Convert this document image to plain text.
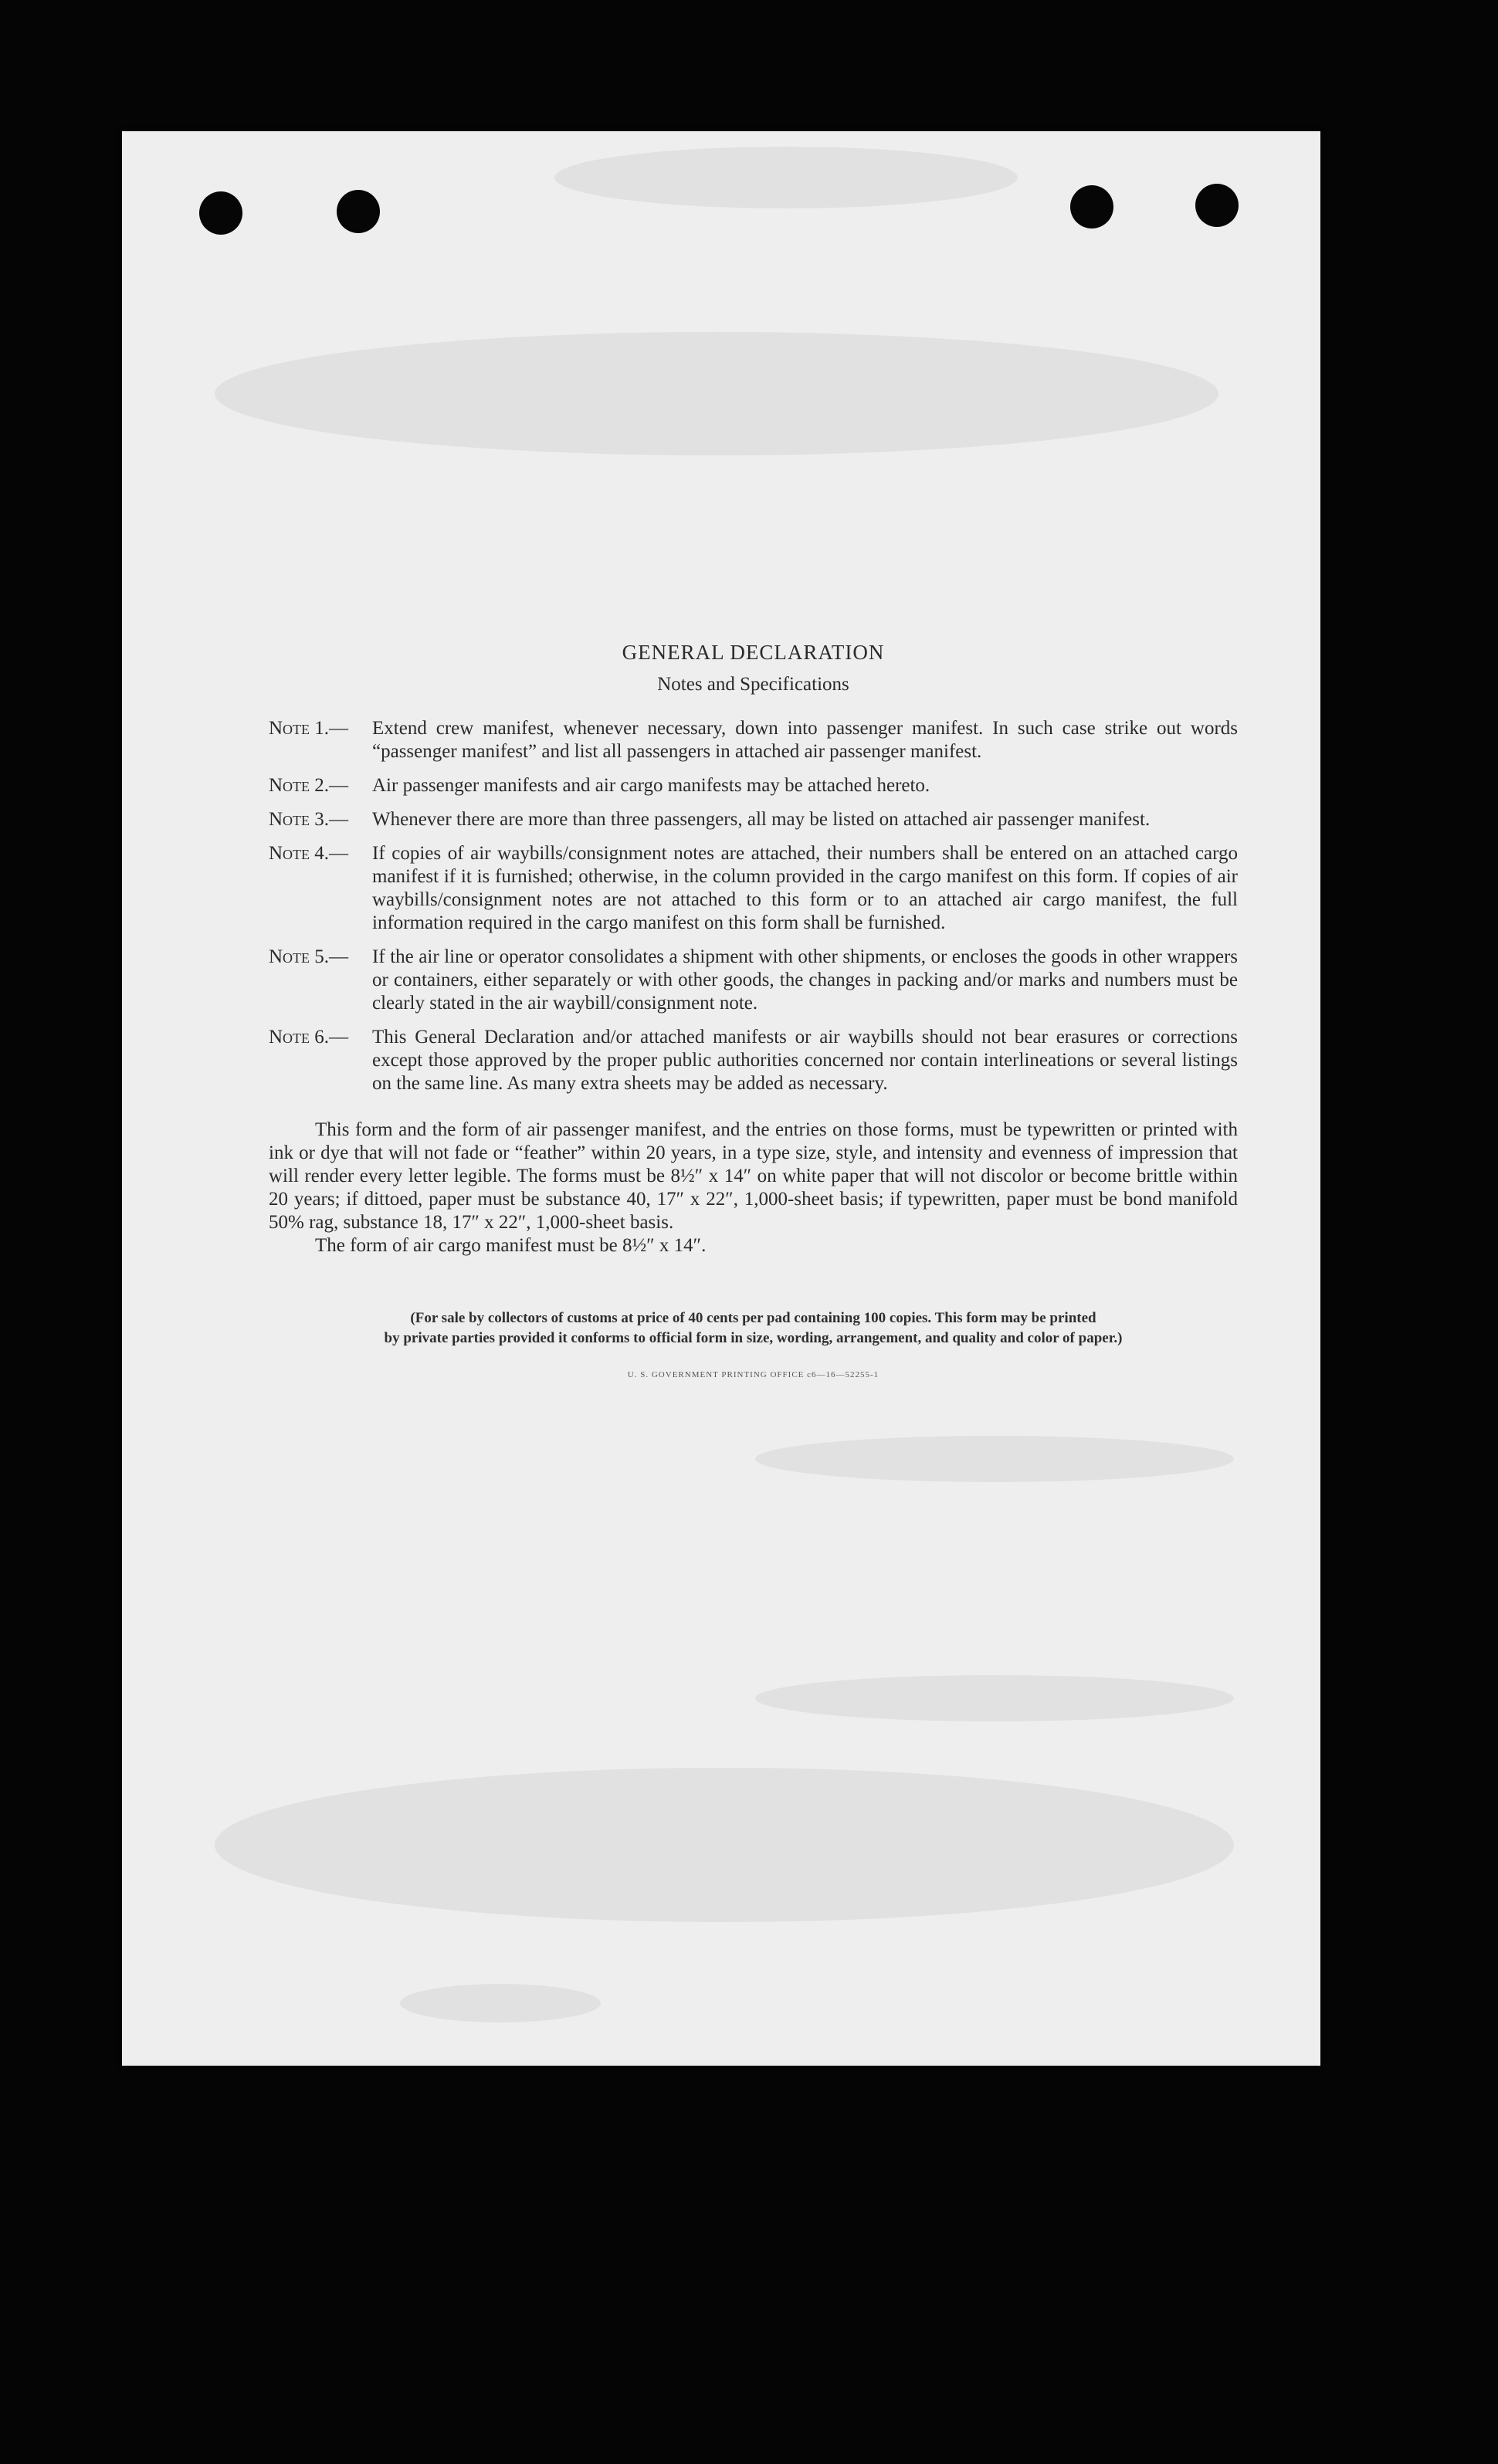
GENERAL DECLARATION
Notes and Specifications
Note 1.—	Extend crew manifest, whenever necessary, down into passenger manifest. In such case strike out words “passenger manifest” and list all passengers in attached air passenger manifest.
Note 2.—	Air passenger manifests and air cargo manifests may be attached hereto.
Note 3.—	Whenever there are more than three passengers, all may be listed on attached air passenger manifest.
Note 4.—	If copies of air waybills/consignment notes are attached, their numbers shall be entered on an attached cargo manifest if it is furnished; otherwise, in the column provided in the cargo manifest on this form. If copies of air waybills/consignment notes are not attached to this form or to an attached air cargo manifest, the full information required in the cargo manifest on this form shall be furnished.
Note 5.—	If the air line or operator consolidates a shipment with other shipments, or encloses the goods in other wrappers or containers, either separately or with other goods, the changes in packing and/or marks and numbers must be clearly stated in the air waybill/consignment note.
Note 6.—	This General Declaration and/or attached manifests or air waybills should not bear erasures or corrections except those approved by the proper public authorities concerned nor contain interlineations or several listings on the same line. As many extra sheets may be added as necessary.

This form and the form of air passenger manifest, and the entries on those forms, must be typewritten or printed with ink or dye that will not fade or “feather” within 20 years, in a type size, style, and intensity and evenness of impression that will render every letter legible. The forms must be 8½″ x 14″ on white paper that will not discolor or become brittle within 20 years; if dittoed, paper must be substance 40, 17″ x 22″, 1,000-sheet basis; if typewritten, paper must be bond manifold 50% rag, substance 18, 17″ x 22″, 1,000-sheet basis.

The form of air cargo manifest must be 8½″ x 14″.

(For sale by collectors of customs at price of 40 cents per pad containing 100 copies. This form may be printed
by private parties provided it conforms to official form in size, wording, arrangement, and quality and color of paper.)
U. S. GOVERNMENT PRINTING OFFICE c6—16—52255-1
